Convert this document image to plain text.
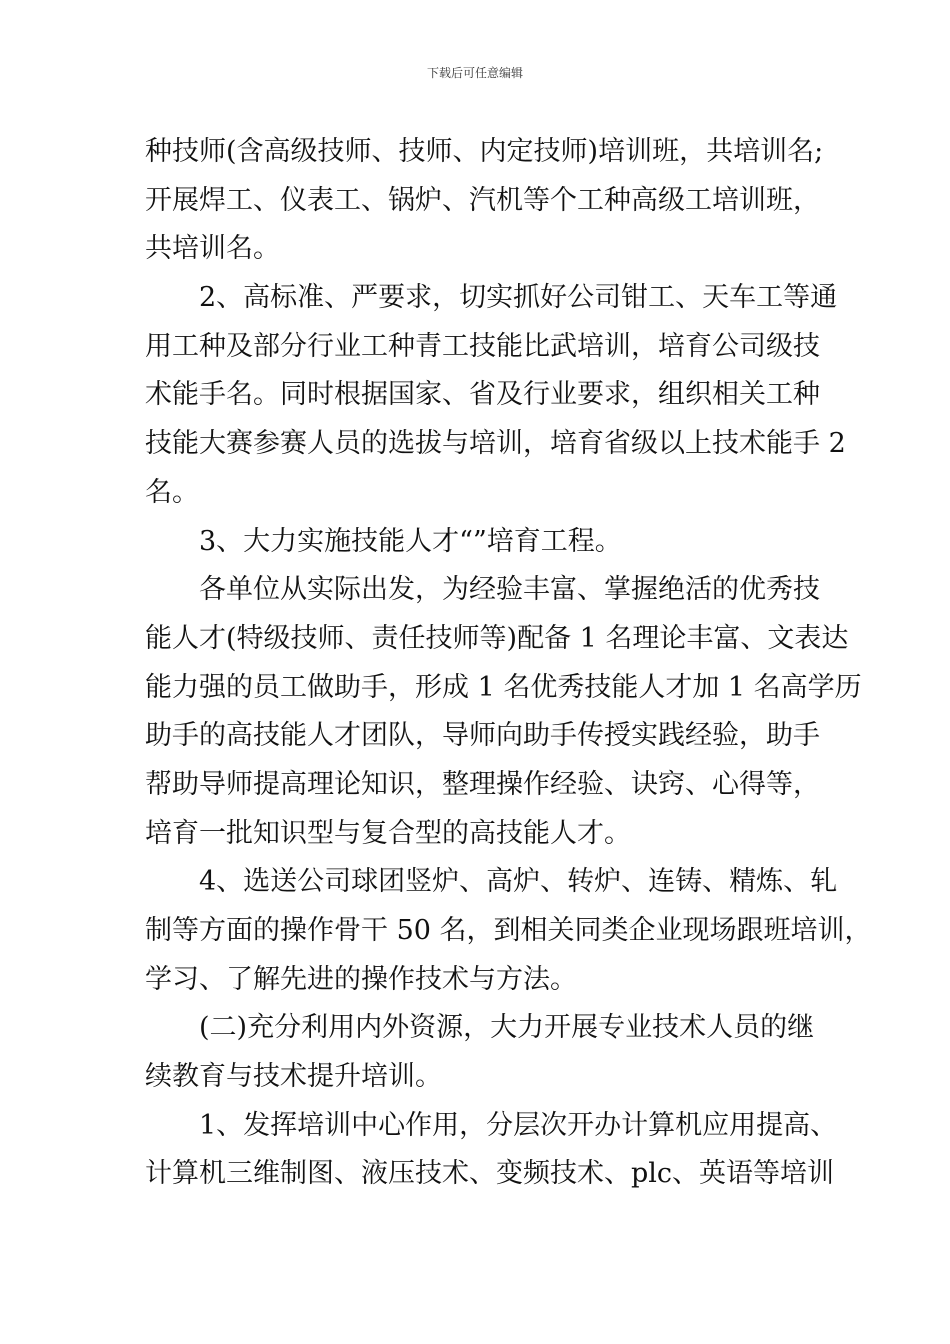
下载后可任意编辑
种技师(含高级技师、技师、内定技师)培训班，共培训名;
开展焊工、仪表工、锅炉、汽机等个工种高级工培训班，
共培训名。
2、高标准、严要求，切实抓好公司钳工、天车工等通
用工种及部分行业工种青工技能比武培训，培育公司级技
术能手名。同时根据国家、省及行业要求，组织相关工种
技能大赛参赛人员的选拔与培训，培育省级以上技术能手 2
名。
3、大力实施技能人才“”培育工程。
各单位从实际出发，为经验丰富、掌握绝活的优秀技
能人才(特级技师、责任技师等)配备 1 名理论丰富、文表达
能力强的员工做助手，形成 1 名优秀技能人才加 1 名高学历
助手的高技能人才团队，导师向助手传授实践经验，助手
帮助导师提高理论知识，整理操作经验、诀窍、心得等，
培育一批知识型与复合型的高技能人才。
4、选送公司球团竖炉、高炉、转炉、连铸、精炼、轧
制等方面的操作骨干 50 名，到相关同类企业现场跟班培训，
学习、了解先进的操作技术与方法。
(二)充分利用内外资源，大力开展专业技术人员的继
续教育与技术提升培训。
1、发挥培训中心作用，分层次开办计算机应用提高、
计算机三维制图、液压技术、变频技术、plc、英语等培训
